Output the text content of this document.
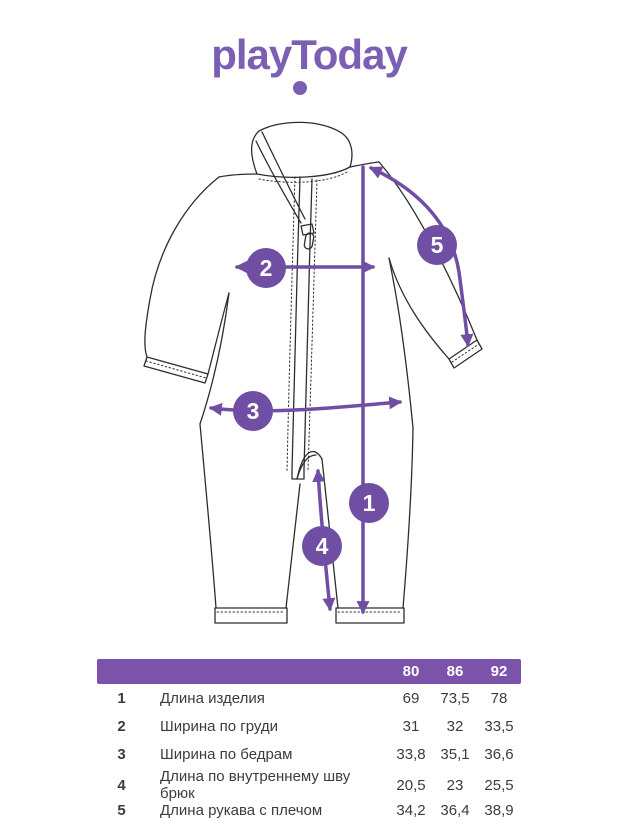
playToday
1
2
3
4
5
80	86	92
1	Длина изделия	69	73,5	78
2	Ширина по груди	31	32	33,5
3	Ширина по бедрам	33,8 35,1 36,6
4	Длина по внутреннему шву брюк	20,5	23	25,5
5	Длина рукава с плечом	34,2 36,4 38,9
